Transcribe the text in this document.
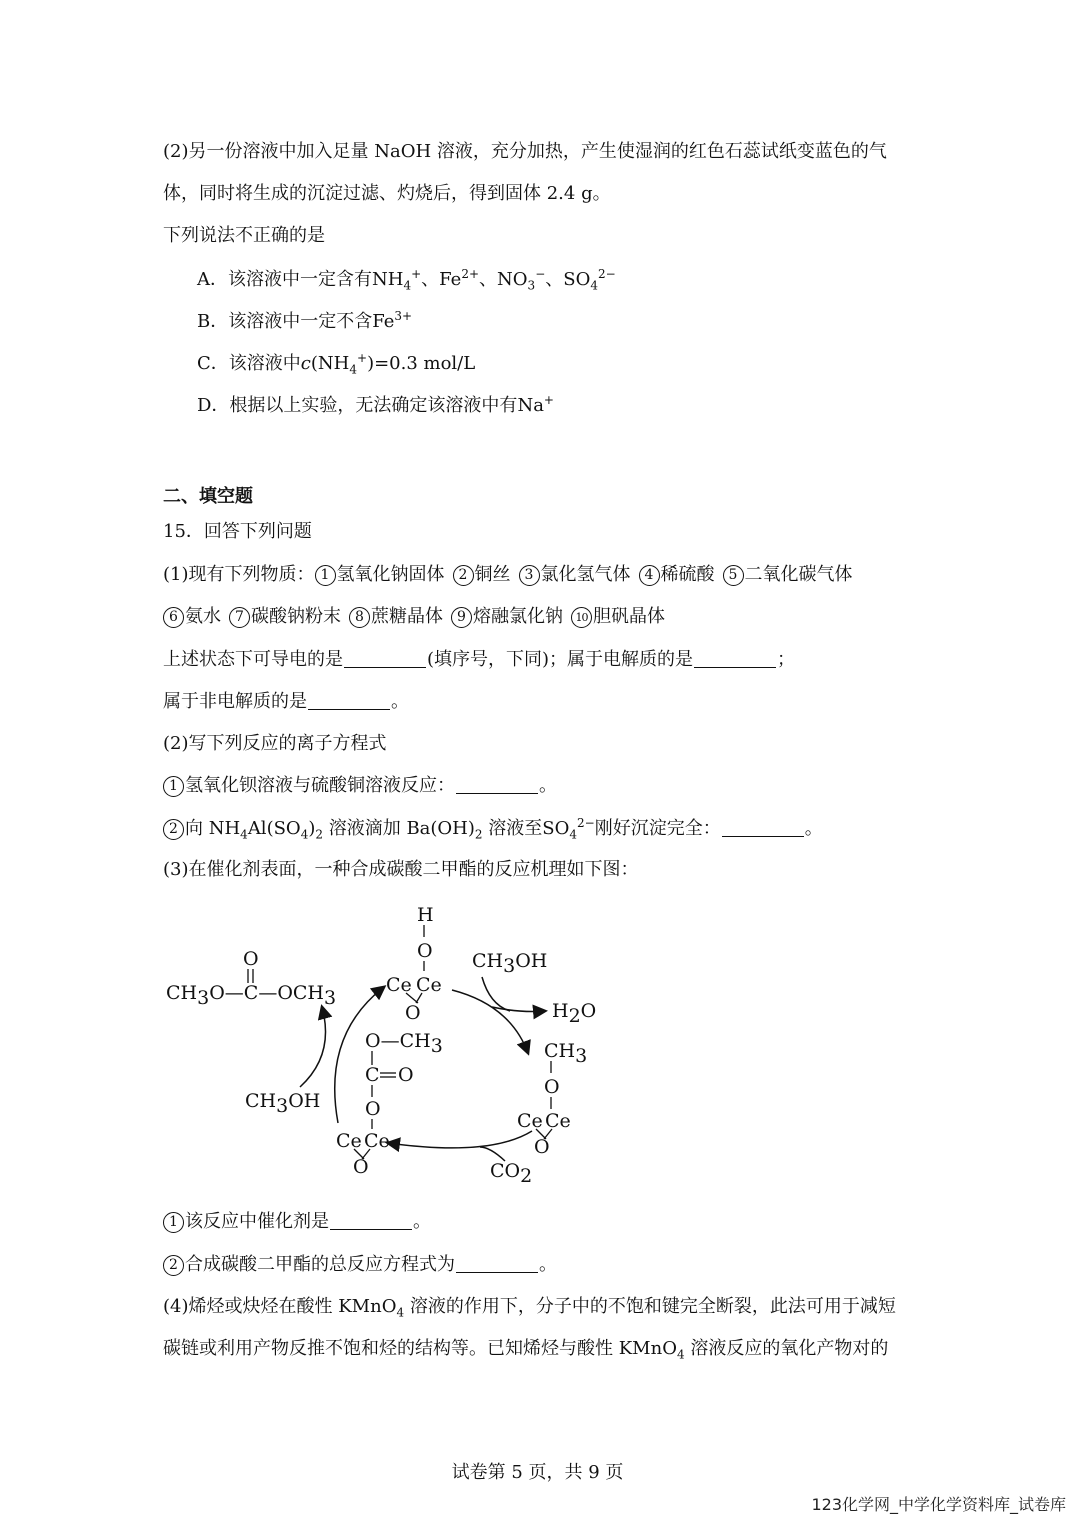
(2)另一份溶液中加入足量 NaOH 溶液，充分加热，产生使湿润的红色石蕊试纸变蓝色的气
体，同时将生成的沉淀过滤、灼烧后，得到固体 2.4 g。
下列说法不正确的是
A．该溶液中一定含有$NH_4^+$、$Fe^{2+}$、$NO_3^-$、$SO_4^{2-}$
B．该溶液中一定不含$Fe^{3+}$
C．该溶液中$c(NH_4^+)=0.3$ mol/L
D．根据以上实验，无法确定该溶液中有Na+
二、填空题
15．回答下列问题
(1)现有下列物质： 1 氢氧化钠固体 2 铜丝 3 氯化氢气体 4 稀硫酸 5 二氧化碳气体
6 氨水 7 碳酸钠粉末 8 蔗糖晶体 9 熔融氯化钠 10 胆矾晶体
上述状态下可导电的是	(填序号，下同)；属于电解质的是	；
属于非电解质的是	。
(2)写下列反应的离子方程式
1 氢氧化钡溶液与硫酸铜溶液反应：	。
2 向 $NH_4Al(SO_4)_2$ 溶液滴加 $Ba(OH)_2$ 溶液至$SO_4^{2-}$刚好沉淀完全：	。
(3)在催化剂表面，一种合成碳酸二甲酯的反应机理如下图：
CH3O—C—OCH3
O
H
O
Ce Ce
O
CH3
O
Ce Ce
O
O—CH3
C O
O
Ce Ce
O
CH3OH
H2O
CH3OH
CO2
1 该反应中催化剂是	。
2 合成碳酸二甲酯的总反应方程式为	。
(4)烯烃或炔烃在酸性 KMnO$_4$ 溶液的作用下，分子中的不饱和键完全断裂，此法可用于减短
碳链或利用产物反推不饱和烃的结构等。已知烯烃与酸性 KMnO$_4$ 溶液反应的氧化产物对的
试卷第 5 页，共 9 页
123化学网_中学化学资料库_试卷库
